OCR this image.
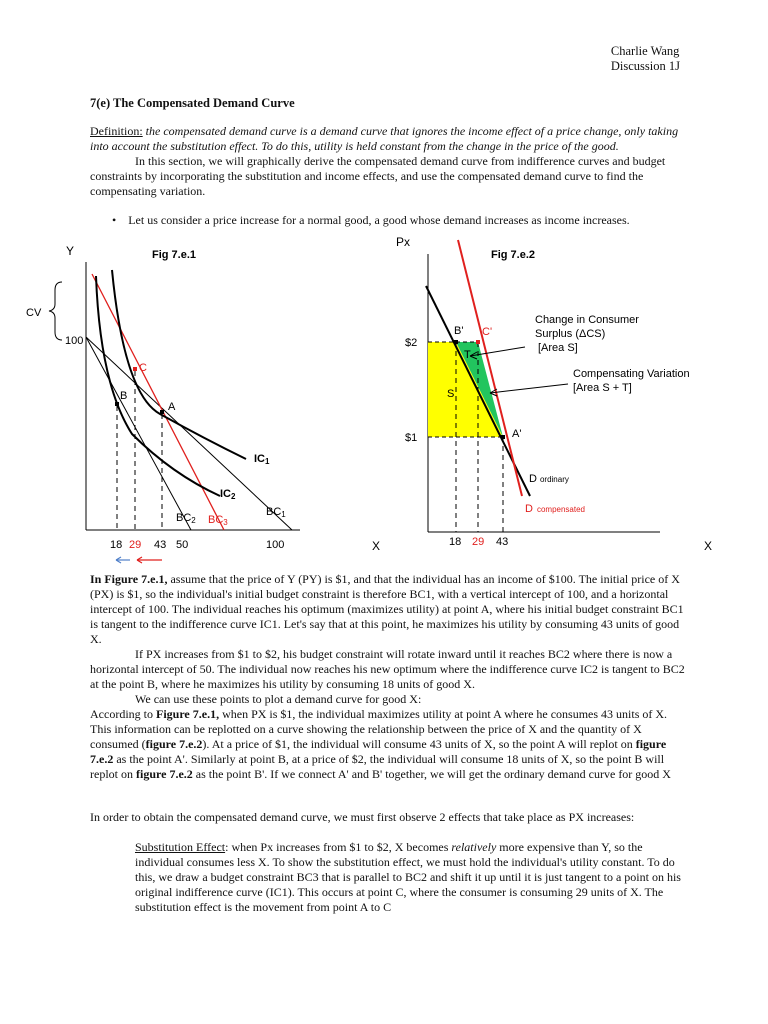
Charlie Wang
Discussion 1J
7(e) The Compensated Demand Curve

Definition: the compensated demand curve is a demand curve that ignores the income effect of a price change, only taking into account the substitution effect. To do this, utility is held constant from the change in the price of the good.

In this section, we will graphically derive the compensated demand curve from indifference curves and budget constraints by incorporating the substitution and income effects, and use the compensated demand curve to find the compensating variation.

• Let us consider a price increase for a normal good, a good whose demand increases as income increases.
Y	Fig 7.e.1
X
CV
100
B
C
A
IC1
IC2
BC1
BC2 BC3
18 29 43 50	100
Px
Fig 7.e.2
X
B' C'
A'
S
T
$2
$1
Change in Consumer
Surplus (ΔCS)
[Area S]
Compensating Variation
[Area S + T]
D ordinary
D compensated
18 29 43

In Figure 7.e.1, assume that the price of Y (PY) is $1, and that the individual has an income of $100. The initial price of X (PX) is $1, so the individual's initial budget constraint is therefore BC1, with a vertical intercept of 100, and a horizontal intercept of 100. The individual reaches his optimum (maximizes utility) at point A, where his initial budget constraint BC1 is tangent to the indifference curve IC1. Let's say that at this point, he maximizes his utility by consuming 43 units of good X.

If PX increases from $1 to $2, his budget constraint will rotate inward until it reaches BC2 where there is now a horizontal intercept of 50. The individual now reaches his new optimum where the indifference curve IC2 is tangent to BC2 at the point B, where he maximizes his utility by consuming 18 units of good X.

We can use these points to plot a demand curve for good X:

According to Figure 7.e.1, when PX is $1, the individual maximizes utility at point A where he consumes 43 units of X. This information can be replotted on a curve showing the relationship between the price of X and the quantity of X consumed (figure 7.e.2). At a price of $1, the individual will consume 43 units of X, so the point A will replot on figure 7.e.2 as the point A'. Similarly at point B, at a price of $2, the individual will consume 18 units of X, so the point B will replot on figure 7.e.2 as the point B'. If we connect A' and B' together, we will get the ordinary demand curve for good X

In order to obtain the compensated demand curve, we must first observe 2 effects that take place as PX increases:
Substitution Effect: when Px increases from $1 to $2, X becomes relatively more expensive than Y, so the individual consumes less X. To show the substitution effect, we must hold the individual's utility constant. To do this, we draw a budget constraint BC3 that is parallel to BC2 and shift it up until it is just tangent to a point on his original indifference curve (IC1). This occurs at point C, where the consumer is consuming 29 units of X. The substitution effect is the movement from point A to C
